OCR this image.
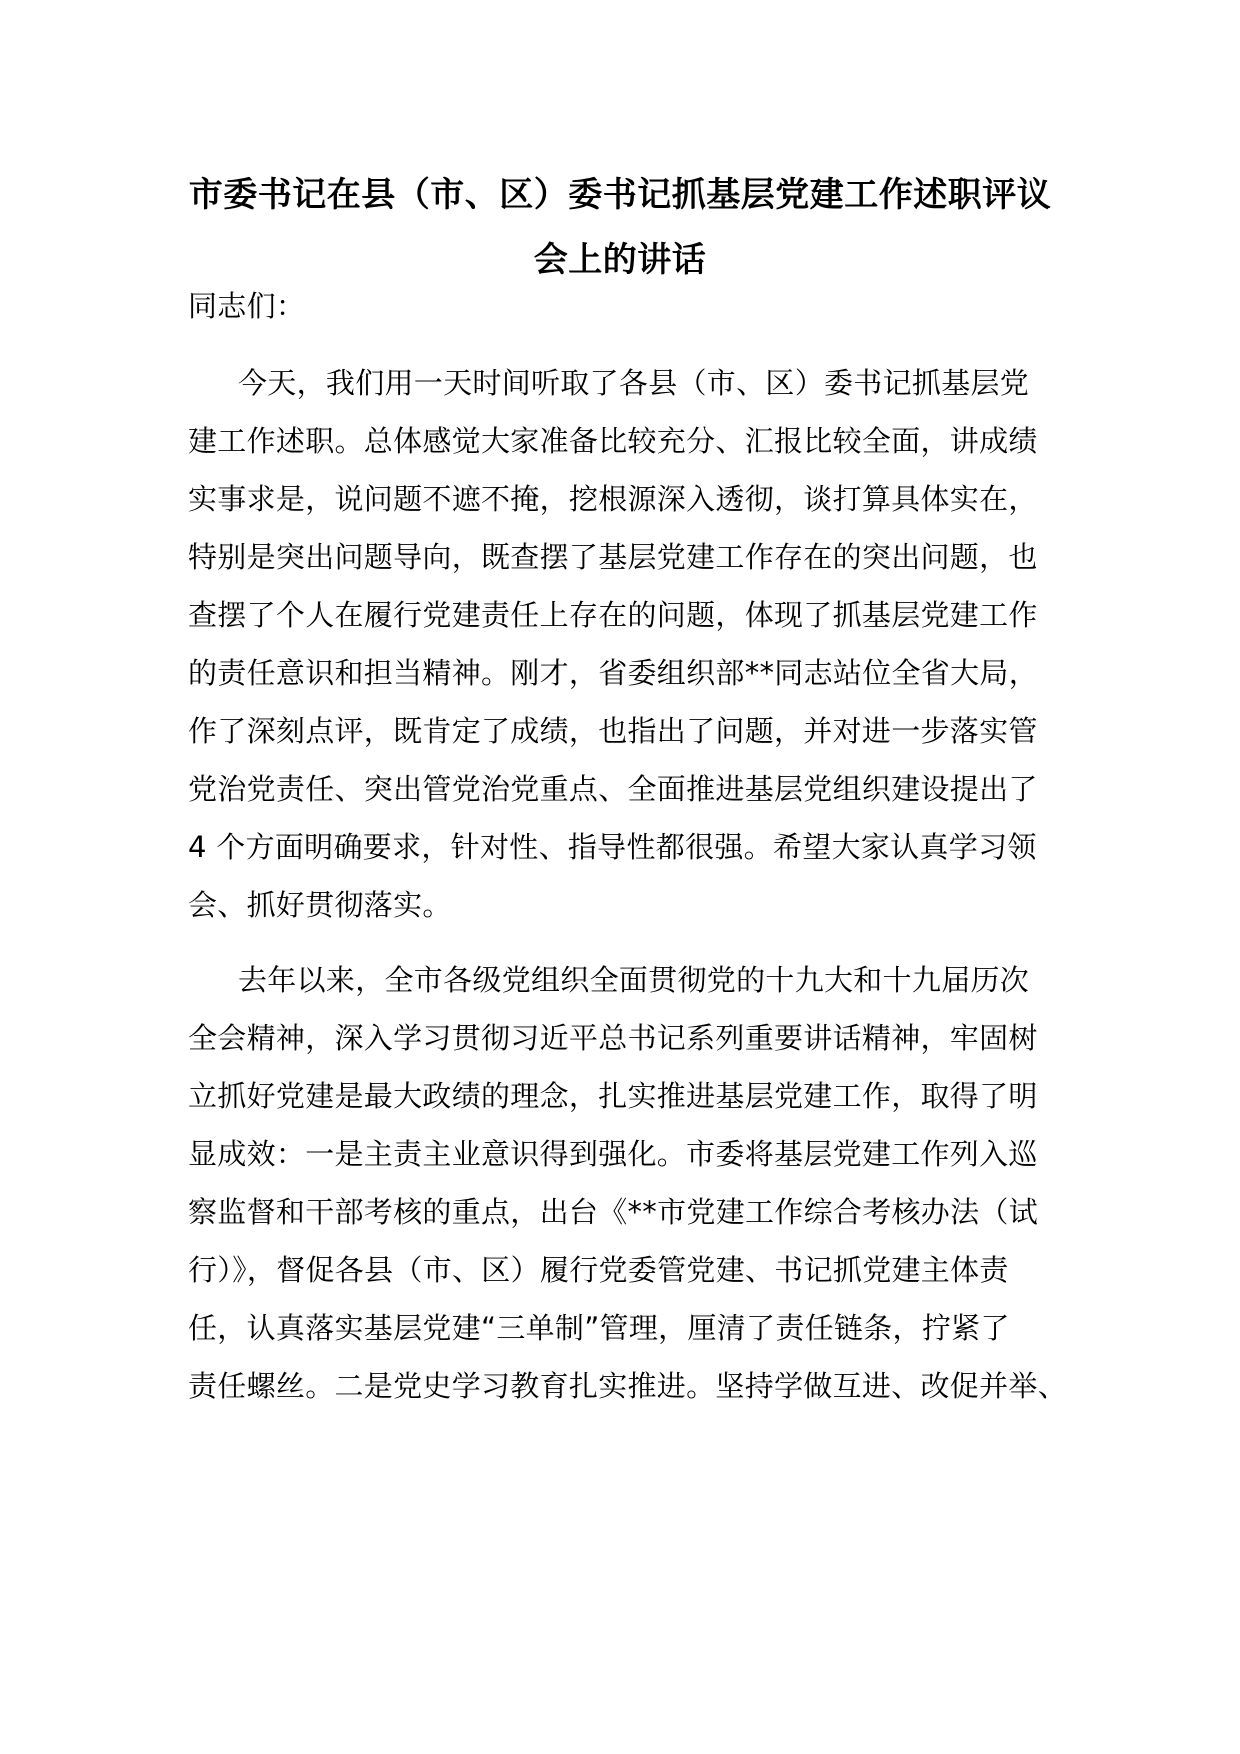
市委书记在县（市、区）委书记抓基层党建工作述职评议
会上的讲话
同志们：
今天，我们用一天时间听取了各县（市、区）委书记抓基层党
建工作述职。总体感觉大家准备比较充分、汇报比较全面，讲成绩
实事求是，说问题不遮不掩，挖根源深入透彻，谈打算具体实在，
特别是突出问题导向，既查摆了基层党建工作存在的突出问题，也
查摆了个人在履行党建责任上存在的问题，体现了抓基层党建工作
的责任意识和担当精神。刚才，省委组织部**同志站位全省大局，
作了深刻点评，既肯定了成绩，也指出了问题，并对进一步落实管
党治党责任、突出管党治党重点、全面推进基层党组织建设提出了
4 个方面明确要求，针对性、指导性都很强。希望大家认真学习领
会、抓好贯彻落实。
去年以来，全市各级党组织全面贯彻党的十九大和十九届历次
全会精神，深入学习贯彻习近平总书记系列重要讲话精神，牢固树
立抓好党建是最大政绩的理念，扎实推进基层党建工作，取得了明
显成效：一是主责主业意识得到强化。市委将基层党建工作列入巡
察监督和干部考核的重点，出台《**市党建工作综合考核办法（试
行）》，督促各县（市、区）履行党委管党建、书记抓党建主体责
任，认真落实基层党建“三单制”管理，厘清了责任链条，拧紧了
责任螺丝。二是党史学习教育扎实推进。坚持学做互进、改促并举、
